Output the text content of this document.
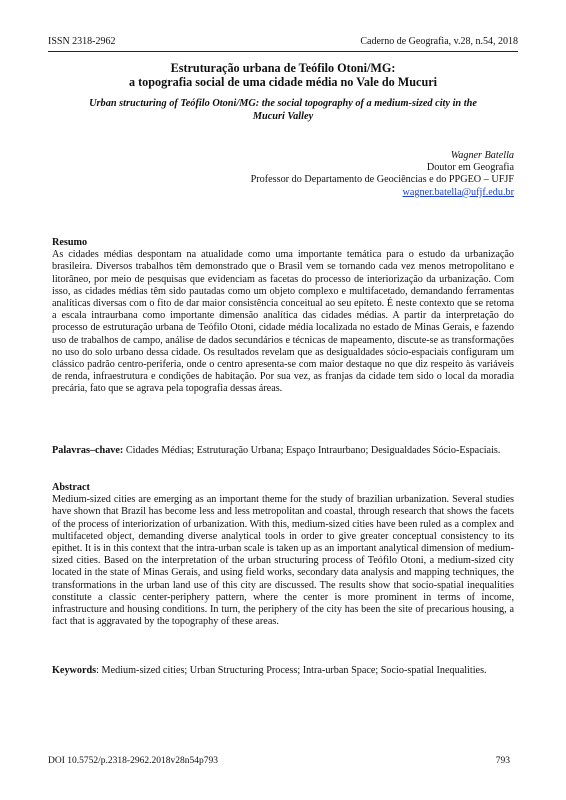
ISSN 2318-2962	Caderno de Geografia, v.28, n.54, 2018
Estruturação urbana de Teófilo Otoni/MG:
a topografia social de uma cidade média no Vale do Mucuri
Urban structuring of Teófilo Otoni/MG: the social topography of a medium-sized city in the
Mucuri Valley
Wagner Batella
Doutor em Geografia
Professor do Departamento de Geociências e do PPGEO – UFJF
wagner.batella@ufjf.edu.br
Resumo
As cidades médias despontam na atualidade como uma importante temática para o estudo da urbanização brasileira. Diversos trabalhos têm demonstrado que o Brasil vem se tornando cada vez menos metropolitano e litorâneo, por meio de pesquisas que evidenciam as facetas do processo de interiorização da urbanização. Com isso, as cidades médias têm sido pautadas como um objeto complexo e multifacetado, demandando ferramentas analíticas diversas com o fito de dar maior consistência conceitual ao seu epíteto. É neste contexto que se retoma a escala intraurbana como importante dimensão analítica das cidades médias. A partir da interpretação do processo de estruturação urbana de Teófilo Otoni, cidade média localizada no estado de Minas Gerais, e fazendo uso de trabalhos de campo, análise de dados secundários e técnicas de mapeamento, discute-se as transformações no uso do solo urbano dessa cidade. Os resultados revelam que as desigualdades sócio-espaciais configuram um clássico padrão centro-periferia, onde o centro apresenta-se com maior destaque no que diz respeito às variáveis de renda, infraestrutura e condições de habitação. Por sua vez, as franjas da cidade tem sido o local da moradia precária, fato que se agrava pela topografia dessas áreas.
Palavras–chave: Cidades Médias; Estruturação Urbana; Espaço Intraurbano; Desigualdades Sócio-Espaciais.
Abstract
Medium-sized cities are emerging as an important theme for the study of brazilian urbanization. Several studies have shown that Brazil has become less and less metropolitan and coastal, through research that shows the facets of the process of interiorization of urbanization. With this, medium-sized cities have been ruled as a complex and multifaceted object, demanding diverse analytical tools in order to give greater conceptual consistency to its epithet. It is in this context that the intra-urban scale is taken up as an important analytical dimension of medium-sized cities. Based on the interpretation of the urban structuring process of Teófilo Otoni, a medium-sized city located in the state of Minas Gerais, and using field works, secondary data analysis and mapping techniques, the transformations in the urban land use of this city are discussed. The results show that socio-spatial inequalities constitute a classic center-periphery pattern, where the center is more prominent in terms of income, infrastructure and housing conditions. In turn, the periphery of the city has been the site of precarious housing, a fact that is aggravated by the topography of these areas.
Keywords: Medium-sized cities; Urban Structuring Process; Intra-urban Space; Socio-spatial Inequalities.
DOI 10.5752/p.2318-2962.2018v28n54p793	793
